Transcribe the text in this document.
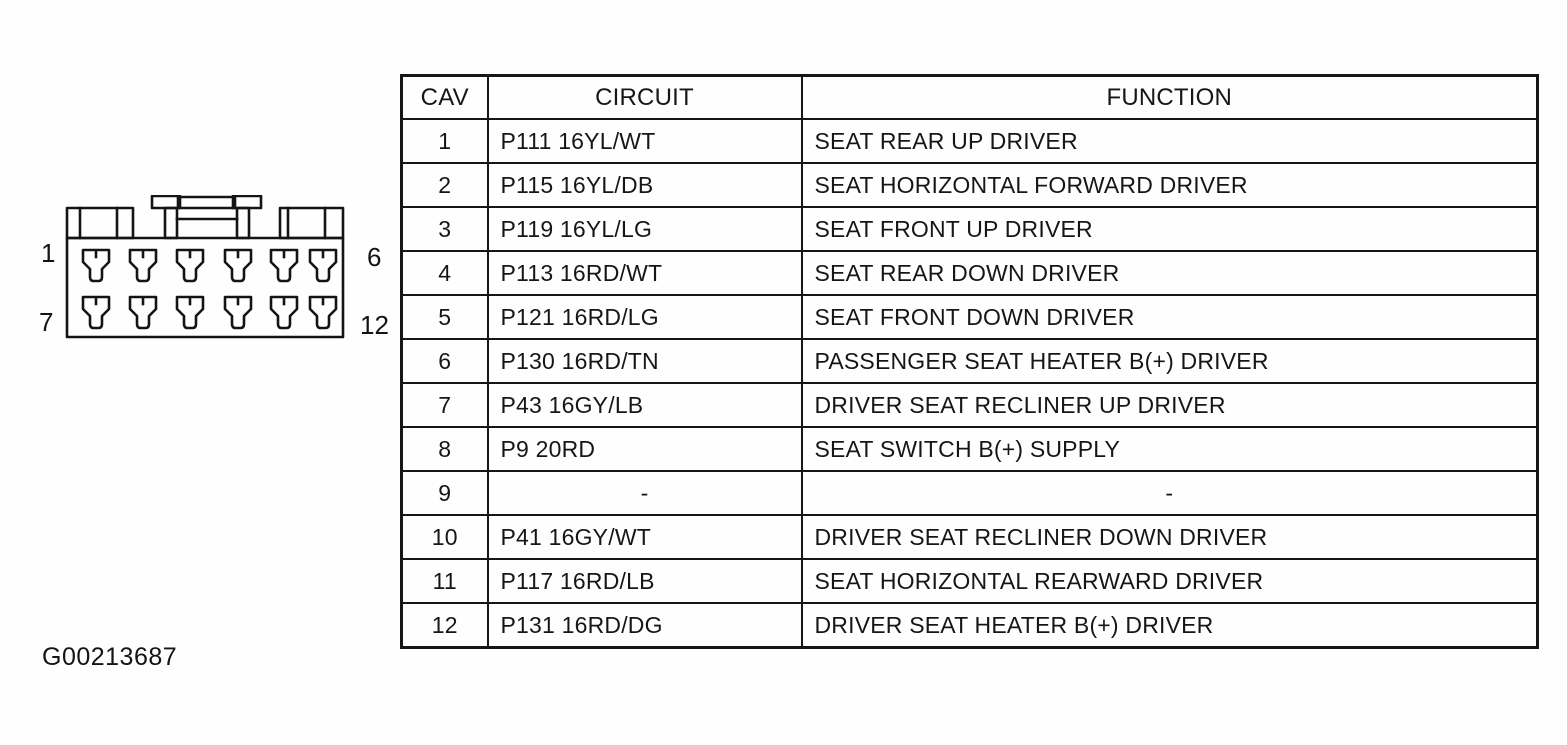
1	6
7	12
CAV	CIRCUIT	FUNCTION
1	P111 16YL/WT	SEAT REAR UP DRIVER
2	P115 16YL/DB	SEAT HORIZONTAL FORWARD DRIVER
3	P119 16YL/LG	SEAT FRONT UP DRIVER
4	P113 16RD/WT	SEAT REAR DOWN DRIVER
5	P121 16RD/LG	SEAT FRONT DOWN DRIVER
6	P130 16RD/TN	PASSENGER SEAT HEATER B(+) DRIVER
7	P43 16GY/LB	DRIVER SEAT RECLINER UP DRIVER
8	P9 20RD	SEAT SWITCH B(+) SUPPLY
9	-	-
10	P41 16GY/WT	DRIVER SEAT RECLINER DOWN DRIVER
11	P117 16RD/LB	SEAT HORIZONTAL REARWARD DRIVER
12	P131 16RD/DG	DRIVER SEAT HEATER B(+) DRIVER
G00213687
